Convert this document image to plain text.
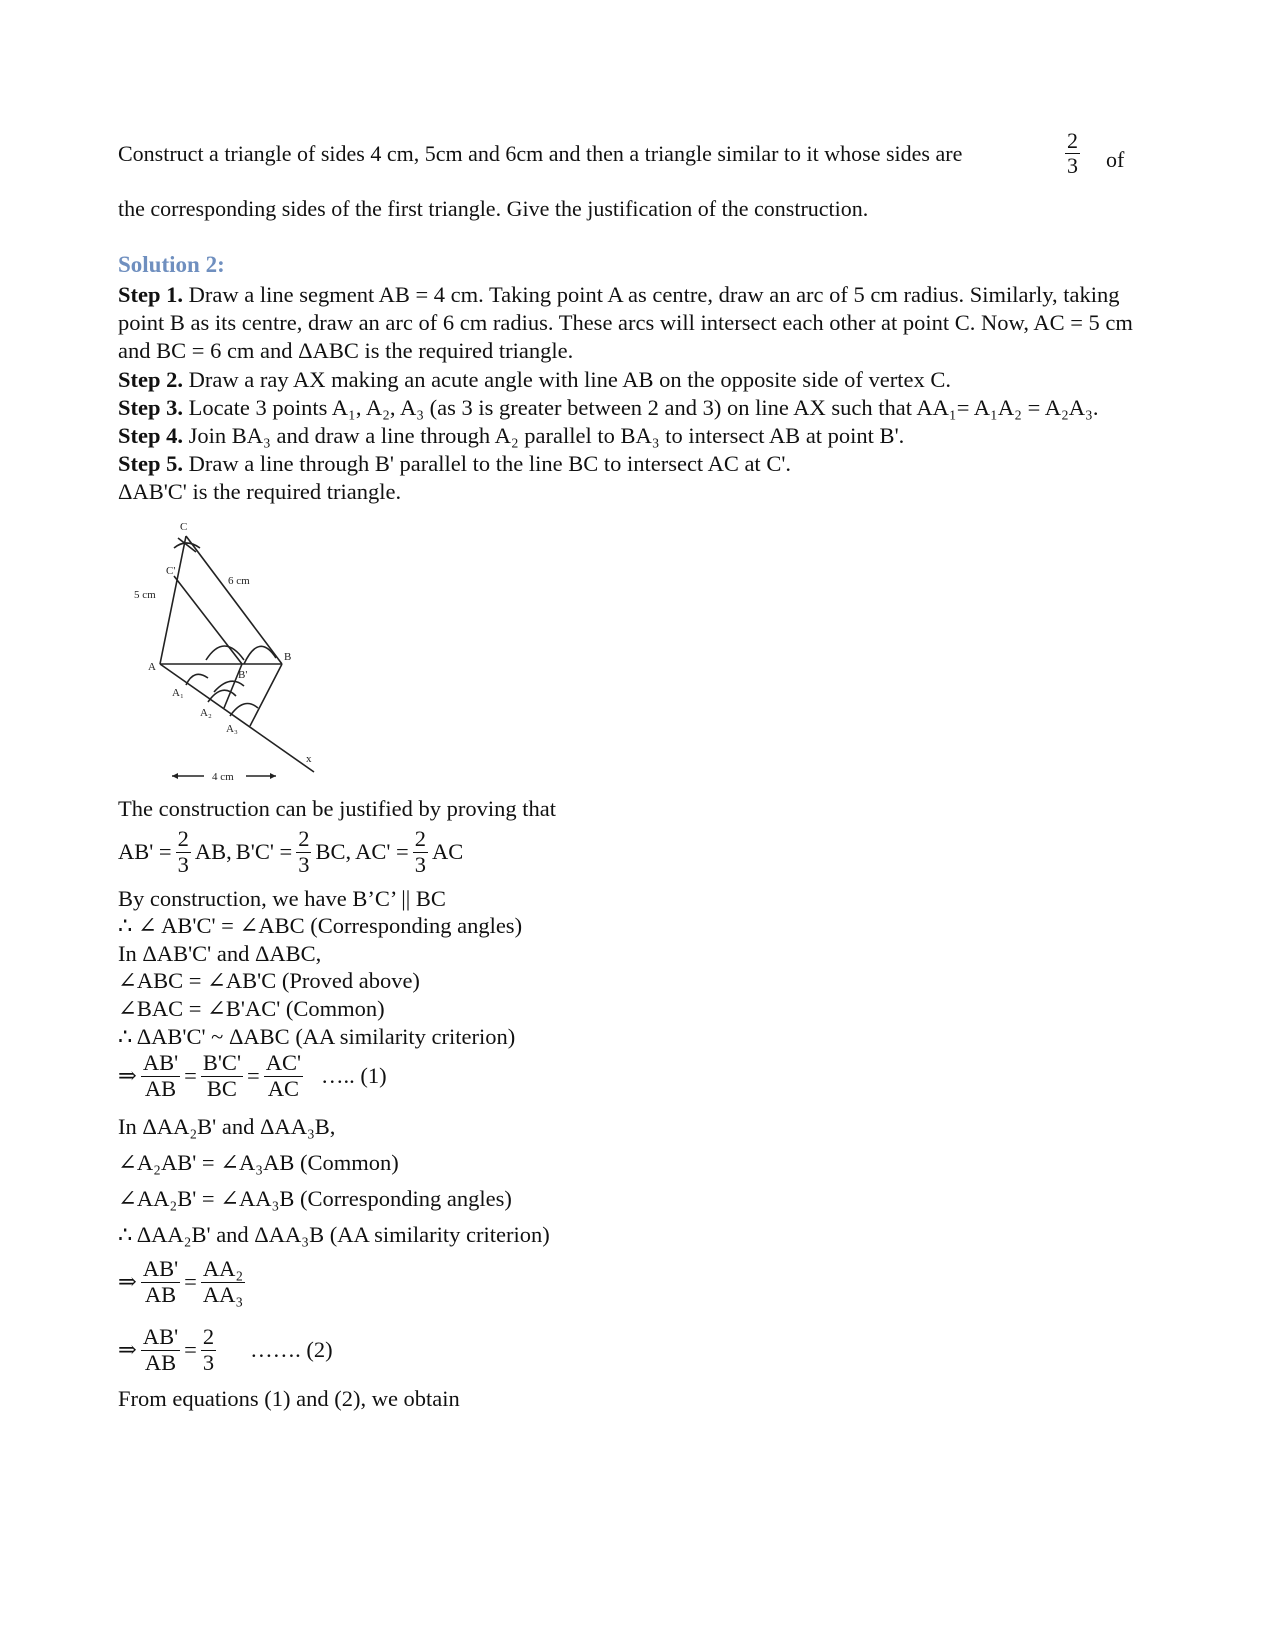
Construct a triangle of sides 4 cm, 5cm and 6cm and then a triangle similar to it whose sides are	$\frac{2}{3}$ of
the corresponding sides of the first triangle. Give the justification of the construction.
Solution 2:
Step 1. Draw a line segment AB = 4 cm. Taking point A as centre, draw an arc of 5 cm radius. Similarly, taking point B as its centre, draw an arc of 6 cm radius. These arcs will intersect each other at point C. Now, AC = 5 cm and BC = 6 cm and ΔABC is the required triangle.
Step 2. Draw a ray AX making an acute angle with line AB on the opposite side of vertex C.
Step 3. Locate 3 points A₁, A₂, A₃ (as 3 is greater between 2 and 3) on line AX such that AA₁= A₁A₂ = A₂A₃.
Step 4. Join BA₃ and draw a line through A₂ parallel to BA₃ to intersect AB at point B'.
Step 5. Draw a line through B' parallel to the line BC to intersect AC at C'.
ΔAB'C' is the required triangle.
C
C'
6 cm
5 cm
A
B
B'
A₁
A₂
A₃
x
4 cm
The construction can be justified by proving that
$AB' = \frac{2}{3}$ AB, $B'C' = \frac{2}{3}$ BC, $AC' = \frac{2}{3}$ AC
By construction, we have B’C’ || BC
∴ ∠ AB'C' = ∠ABC (Corresponding angles)
In ΔAB'C' and ΔABC,
∠ABC = ∠AB'C (Proved above)
∠BAC = ∠B'AC' (Common)
∴ ΔAB'C' ~ ΔABC (AA similarity criterion)
⇒ $\frac{AB'}{AB} = \frac{B'C'}{BC} = \frac{AC'}{AC}$ ….. (1)
In ΔAA₂B' and ΔAA₃B,
∠A₂AB' = ∠A₃AB (Common)
∠AA₂B' = ∠AA₃B (Corresponding angles)
∴ ΔAA₂B' and ΔAA₃B (AA similarity criterion)
⇒ $\frac{AB'}{AB} = \frac{\text{AA₂}}{\text{AA₃}}$
⇒ $\frac{AB'}{AB} = \frac{2}{3}$ ……. (2)
From equations (1) and (2), we obtain
